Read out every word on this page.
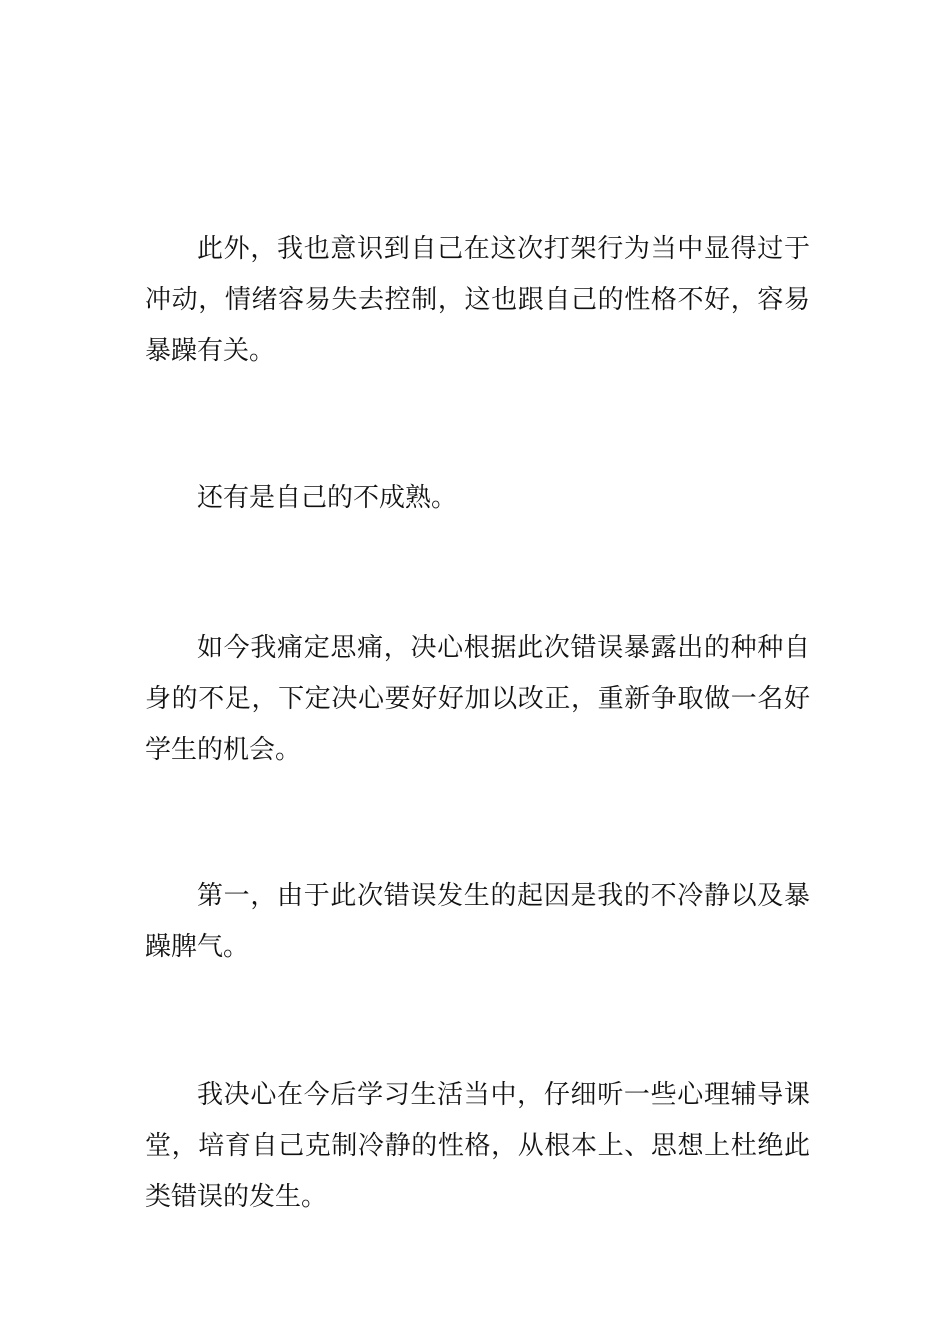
此外，我也意识到自己在这次打架行为当中显得过于冲动，情绪容易失去控制，这也跟自己的性格不好，容易暴躁有关。

还有是自己的不成熟。

如今我痛定思痛，决心根据此次错误暴露出的种种自身的不足，下定决心要好好加以改正，重新争取做一名好学生的机会。

第一，由于此次错误发生的起因是我的不冷静以及暴躁脾气。

我决心在今后学习生活当中，仔细听一些心理辅导课堂，培育自己克制冷静的性格，从根本上、思想上杜绝此类错误的发生。
